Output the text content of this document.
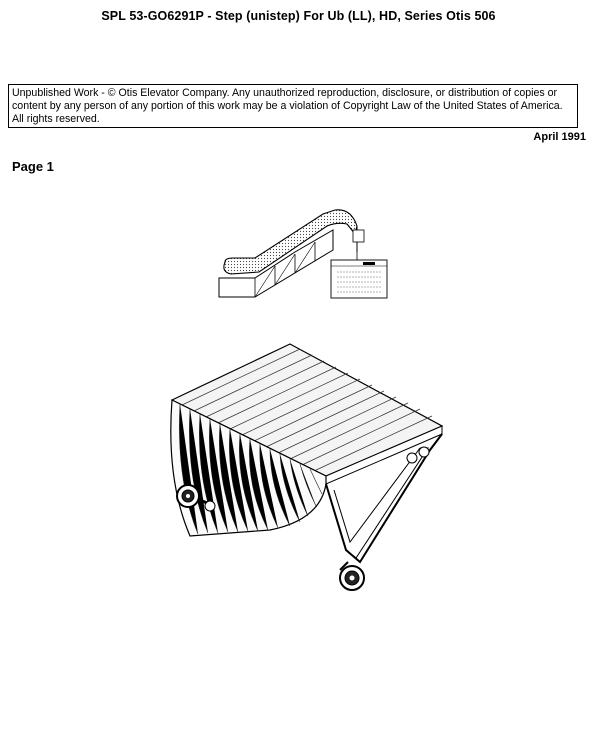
SPL 53-GO6291P - Step (unistep) For Ub (LL), HD, Series Otis 506
Unpublished Work - © Otis Elevator Company. Any unauthorized reproduction, disclosure, or distribution of copies or content by any person of any portion of this work may be a violation of Copyright Law of the United States of America. All rights reserved.
April 1991
Page 1
